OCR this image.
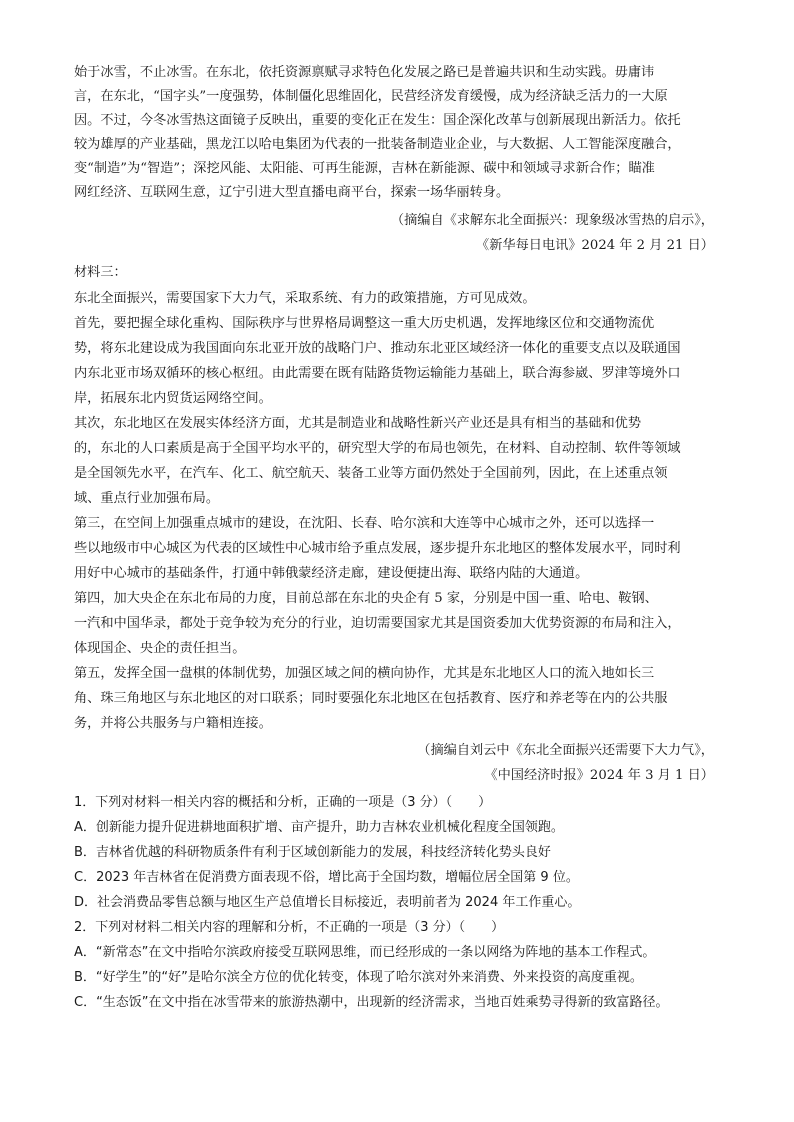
始于冰雪，不止冰雪。在东北，依托资源禀赋寻求特色化发展之路已是普遍共识和生动实践。毋庸讳
言，在东北，“国字头”一度强势，体制僵化思维固化，民营经济发育缓慢，成为经济缺乏活力的一大原
因。不过，今冬冰雪热这面镜子反映出，重要的变化正在发生：国企深化改革与创新展现出新活力。依托
较为雄厚的产业基础，黑龙江以哈电集团为代表的一批装备制造业企业，与大数据、人工智能深度融合，
变“制造”为“智造”；深挖风能、太阳能、可再生能源，吉林在新能源、碳中和领域寻求新合作；瞄准
网红经济、互联网生意，辽宁引进大型直播电商平台，探索一场华丽转身。
（摘编自《求解东北全面振兴：现象级冰雪热的启示》，
《新华每日电讯》2024 年 2 月 21 日）
材料三：
东北全面振兴，需要国家下大力气，采取系统、有力的政策措施，方可见成效。
首先，要把握全球化重构、国际秩序与世界格局调整这一重大历史机遇，发挥地缘区位和交通物流优
势，将东北建设成为我国面向东北亚开放的战略门户、推动东北亚区域经济一体化的重要支点以及联通国
内东北亚市场双循环的核心枢纽。由此需要在既有陆路货物运输能力基础上，联合海参崴、罗津等境外口
岸，拓展东北内贸货运网络空间。
其次，东北地区在发展实体经济方面，尤其是制造业和战略性新兴产业还是具有相当的基础和优势
的，东北的人口素质是高于全国平均水平的，研究型大学的布局也领先，在材料、自动控制、软件等领域
是全国领先水平，在汽车、化工、航空航天、装备工业等方面仍然处于全国前列，因此，在上述重点领
域、重点行业加强布局。
第三，在空间上加强重点城市的建设，在沈阳、长春、哈尔滨和大连等中心城市之外，还可以选择一
些以地级市中心城区为代表的区域性中心城市给予重点发展，逐步提升东北地区的整体发展水平，同时利
用好中心城市的基础条件，打通中韩俄蒙经济走廊，建设便捷出海、联络内陆的大通道。
第四，加大央企在东北布局的力度，目前总部在东北的央企有 5 家，分别是中国一重、哈电、鞍钢、
一汽和中国华录，都处于竞争较为充分的行业，迫切需要国家尤其是国资委加大优势资源的布局和注入，
体现国企、央企的责任担当。
第五，发挥全国一盘棋的体制优势，加强区域之间的横向协作，尤其是东北地区人口的流入地如长三
角、珠三角地区与东北地区的对口联系；同时要强化东北地区在包括教育、医疗和养老等在内的公共服
务，并将公共服务与户籍相连接。
（摘编自刘云中《东北全面振兴还需要下大力气》，
《中国经济时报》2024 年 3 月 1 日）
1．下列对材料一相关内容的概括和分析，正确的一项是（3 分）（　　）
A．创新能力提升促进耕地面积扩增、亩产提升，助力吉林农业机械化程度全国领跑。
B．吉林省优越的科研物质条件有利于区域创新能力的发展，科技经济转化势头良好
C．2023 年吉林省在促消费方面表现不俗，增比高于全国均数，增幅位居全国第 9 位。
D．社会消费品零售总额与地区生产总值增长目标接近，表明前者为 2024 年工作重心。
2．下列对材料二相关内容的理解和分析，不正确的一项是（3 分）（　　）
A．“新常态”在文中指哈尔滨政府接受互联网思维，而已经形成的一条以网络为阵地的基本工作程式。
B．“好学生”的“好”是哈尔滨全方位的优化转变，体现了哈尔滨对外来消费、外来投资的高度重视。
C．“生态饭”在文中指在冰雪带来的旅游热潮中，出现新的经济需求，当地百姓乘势寻得新的致富路径。
